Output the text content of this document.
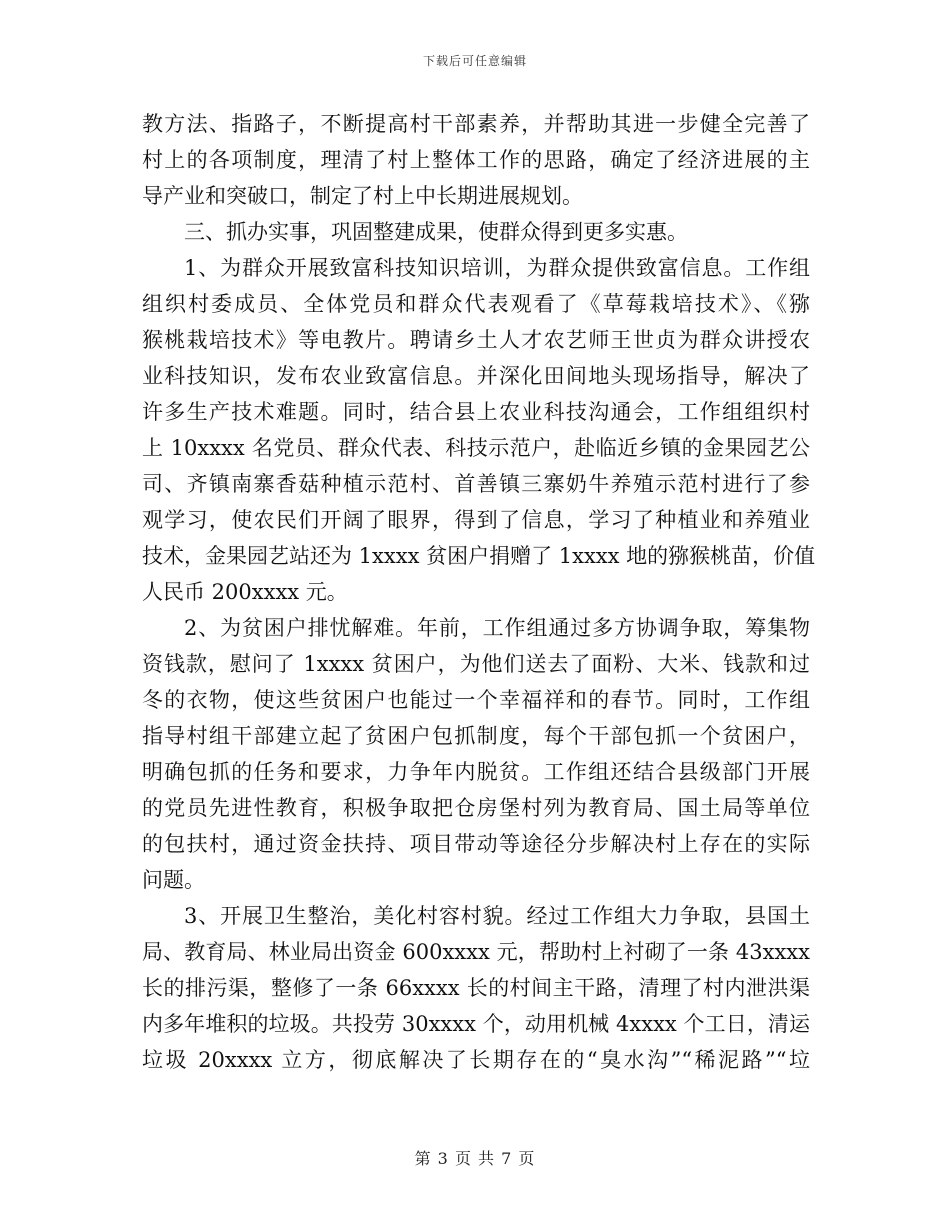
下载后可任意编辑
教方法、指路子，不断提高村干部素养，并帮助其进一步健全完善了
村上的各项制度，理清了村上整体工作的思路，确定了经济进展的主
导产业和突破口，制定了村上中长期进展规划。
三、抓办实事，巩固整建成果，使群众得到更多实惠。
1、为群众开展致富科技知识培训，为群众提供致富信息。工作组
组织村委成员、全体党员和群众代表观看了《草莓栽培技术》、《猕
猴桃栽培技术》等电教片。聘请乡土人才农艺师王世贞为群众讲授农
业科技知识，发布农业致富信息。并深化田间地头现场指导，解决了
许多生产技术难题。同时，结合县上农业科技沟通会，工作组组织村
上 10xxxx 名党员、群众代表、科技示范户，赴临近乡镇的金果园艺公
司、齐镇南寨香菇种植示范村、首善镇三寨奶牛养殖示范村进行了参
观学习，使农民们开阔了眼界，得到了信息，学习了种植业和养殖业
技术，金果园艺站还为 1xxxx 贫困户捐赠了 1xxxx 地的猕猴桃苗，价值
人民币 200xxxx 元。
2、为贫困户排忧解难。年前，工作组通过多方协调争取，筹集物
资钱款，慰问了 1xxxx 贫困户，为他们送去了面粉、大米、钱款和过
冬的衣物，使这些贫困户也能过一个幸福祥和的春节。同时，工作组
指导村组干部建立起了贫困户包抓制度，每个干部包抓一个贫困户，
明确包抓的任务和要求，力争年内脱贫。工作组还结合县级部门开展
的党员先进性教育，积极争取把仓房堡村列为教育局、国土局等单位
的包扶村，通过资金扶持、项目带动等途径分步解决村上存在的实际
问题。
3、开展卫生整治，美化村容村貌。经过工作组大力争取，县国土
局、教育局、林业局出资金 600xxxx 元，帮助村上衬砌了一条 43xxxx
长的排污渠，整修了一条 66xxxx 长的村间主干路，清理了村内泄洪渠
内多年堆积的垃圾。共投劳 30xxxx 个，动用机械 4xxxx 个工日，清运
垃圾 20xxxx 立方，彻底解决了长期存在的“臭水沟”“稀泥路”“垃
第 3 页 共 7 页
